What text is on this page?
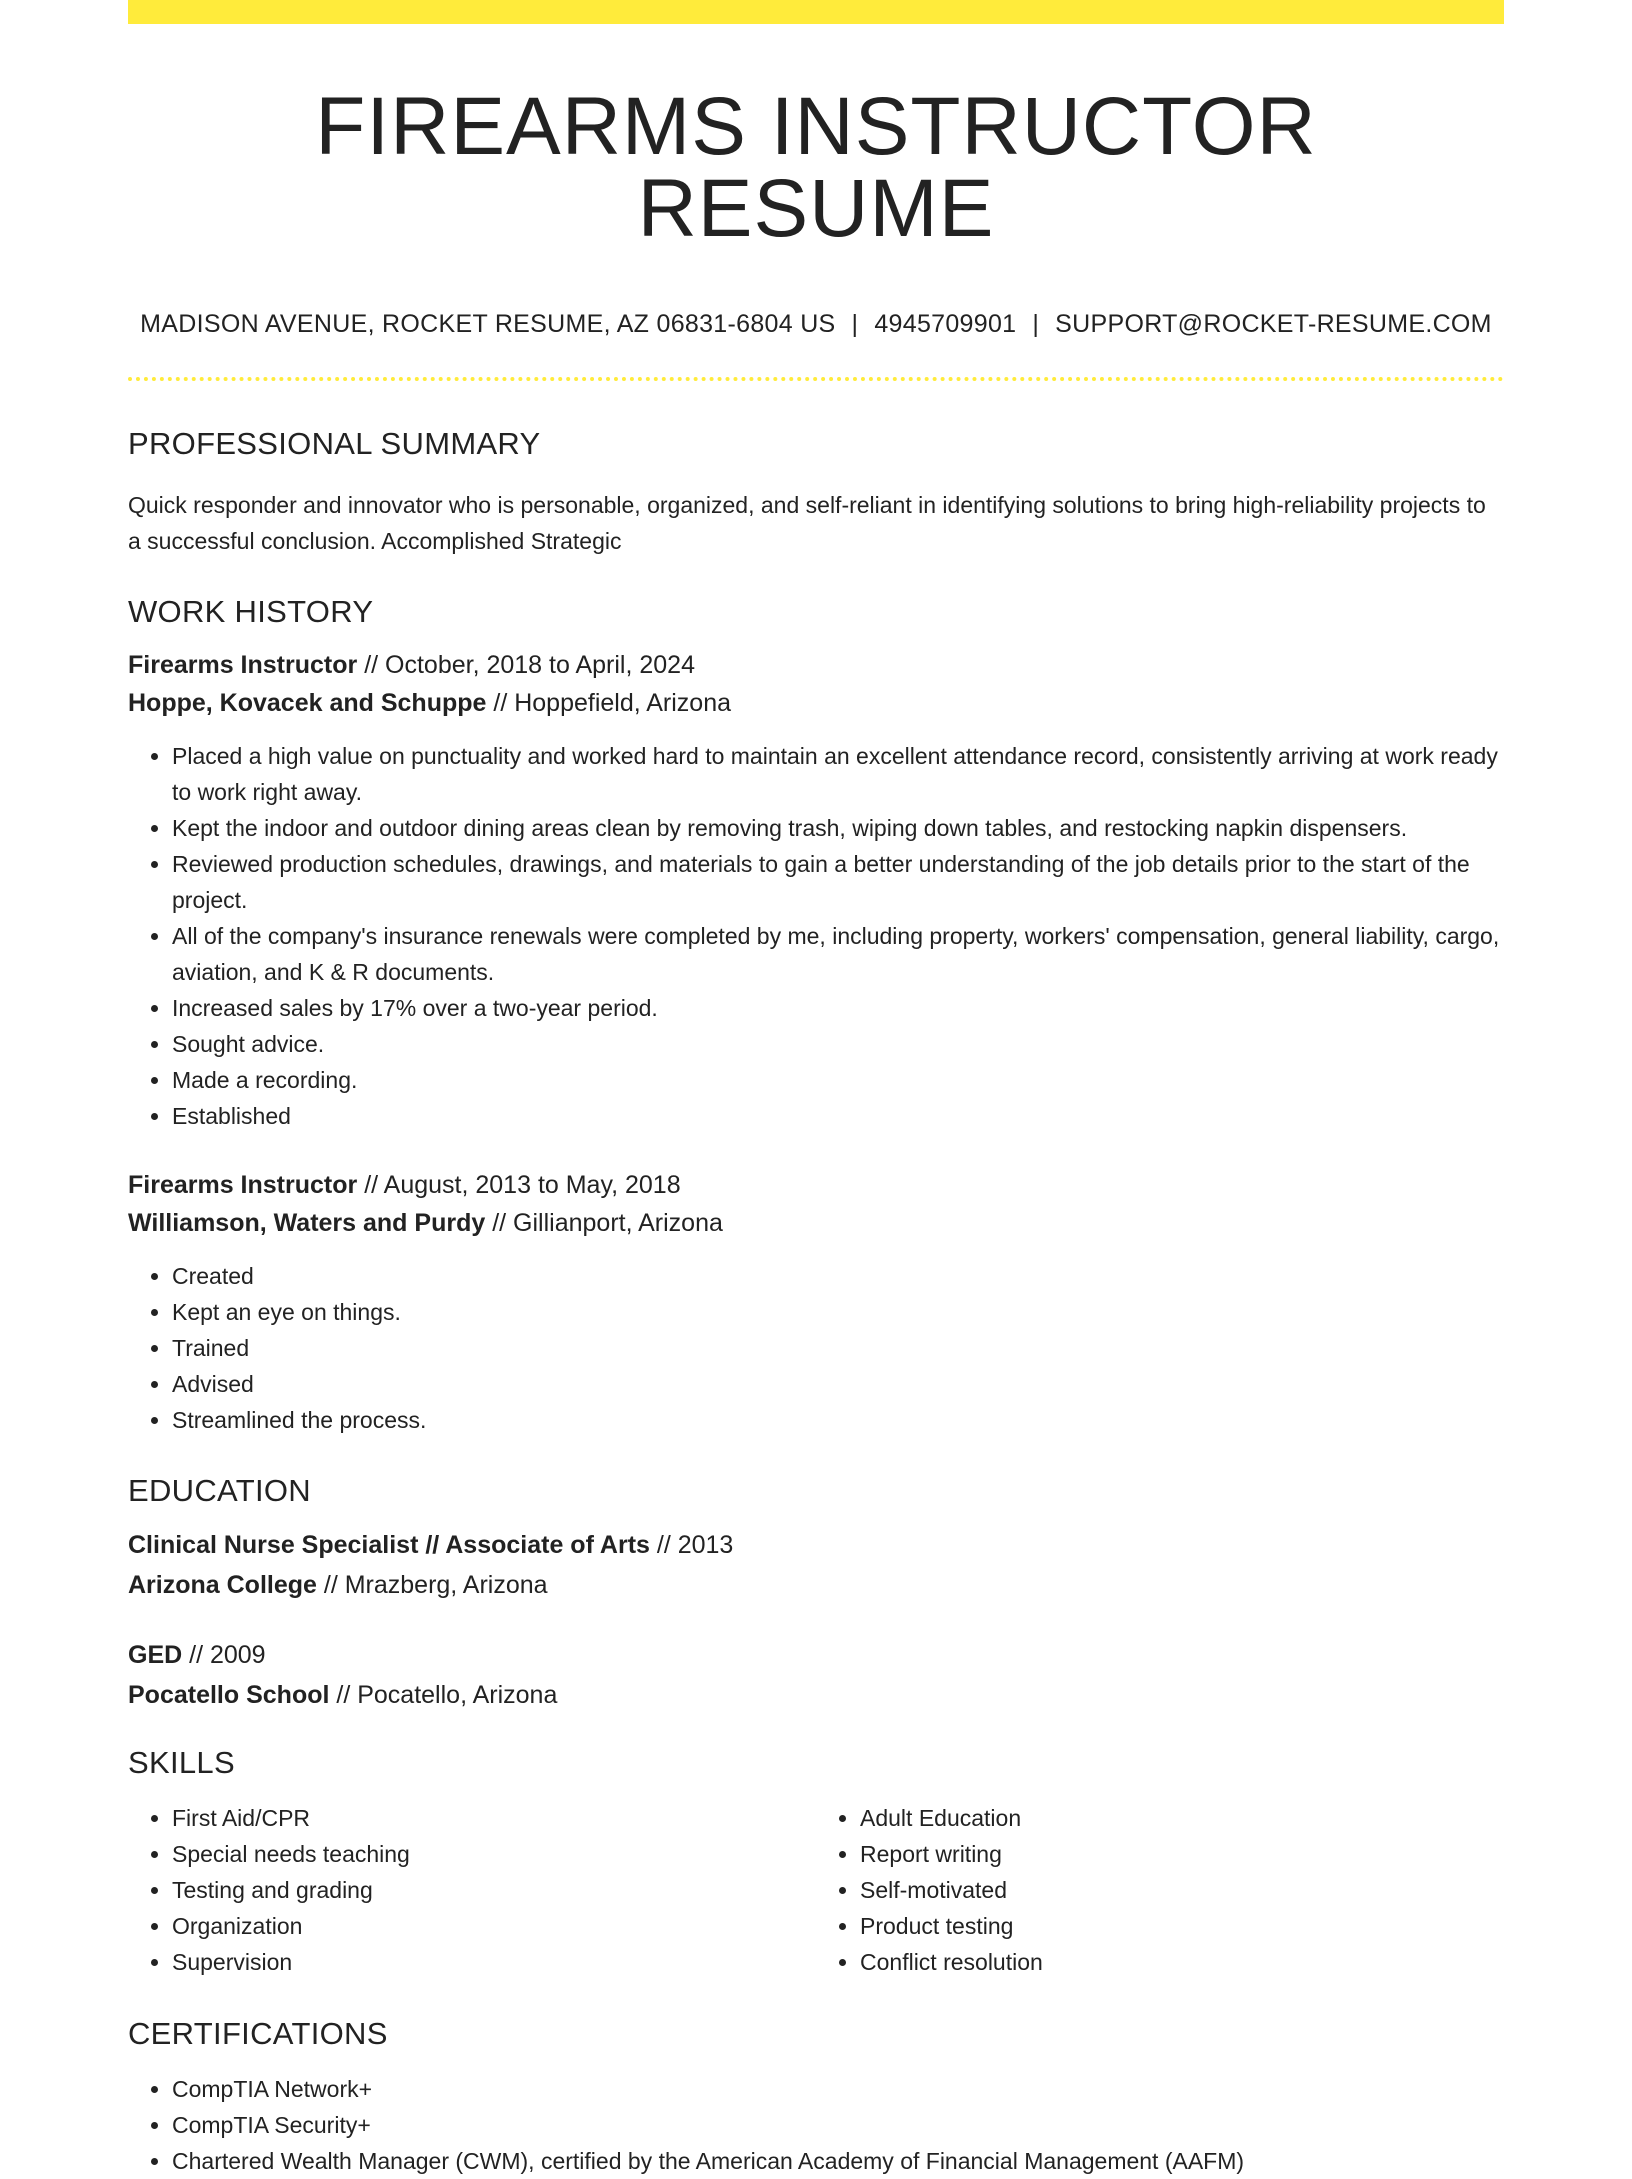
FIREARMS INSTRUCTOR RESUME
MADISON AVENUE, ROCKET RESUME, AZ 06831-6804 US | 4945709901 | SUPPORT@ROCKET-RESUME.COM
PROFESSIONAL SUMMARY
Quick responder and innovator who is personable, organized, and self-reliant in identifying solutions to bring high-reliability projects to a successful conclusion. Accomplished Strategic
WORK HISTORY
Firearms Instructor // October, 2018 to April, 2024
Hoppe, Kovacek and Schuppe // Hoppefield, Arizona
• Placed a high value on punctuality and worked hard to maintain an excellent attendance record, consistently arriving at work ready to work right away.
• Kept the indoor and outdoor dining areas clean by removing trash, wiping down tables, and restocking napkin dispensers.
• Reviewed production schedules, drawings, and materials to gain a better understanding of the job details prior to the start of the project.
• All of the company's insurance renewals were completed by me, including property, workers' compensation, general liability, cargo, aviation, and K & R documents.
• Increased sales by 17% over a two-year period.
• Sought advice.
• Made a recording.
• Established
Firearms Instructor // August, 2013 to May, 2018
Williamson, Waters and Purdy // Gillianport, Arizona
• Created
• Kept an eye on things.
• Trained
• Advised
• Streamlined the process.
EDUCATION
Clinical Nurse Specialist // Associate of Arts // 2013
Arizona College // Mrazberg, Arizona
GED // 2009
Pocatello School // Pocatello, Arizona
SKILLS
• First Aid/CPR
• Special needs teaching
• Testing and grading
• Organization
• Supervision
• Adult Education
• Report writing
• Self-motivated
• Product testing
• Conflict resolution
CERTIFICATIONS
• CompTIA Network+
• CompTIA Security+
• Chartered Wealth Manager (CWM), certified by the American Academy of Financial Management (AAFM)
